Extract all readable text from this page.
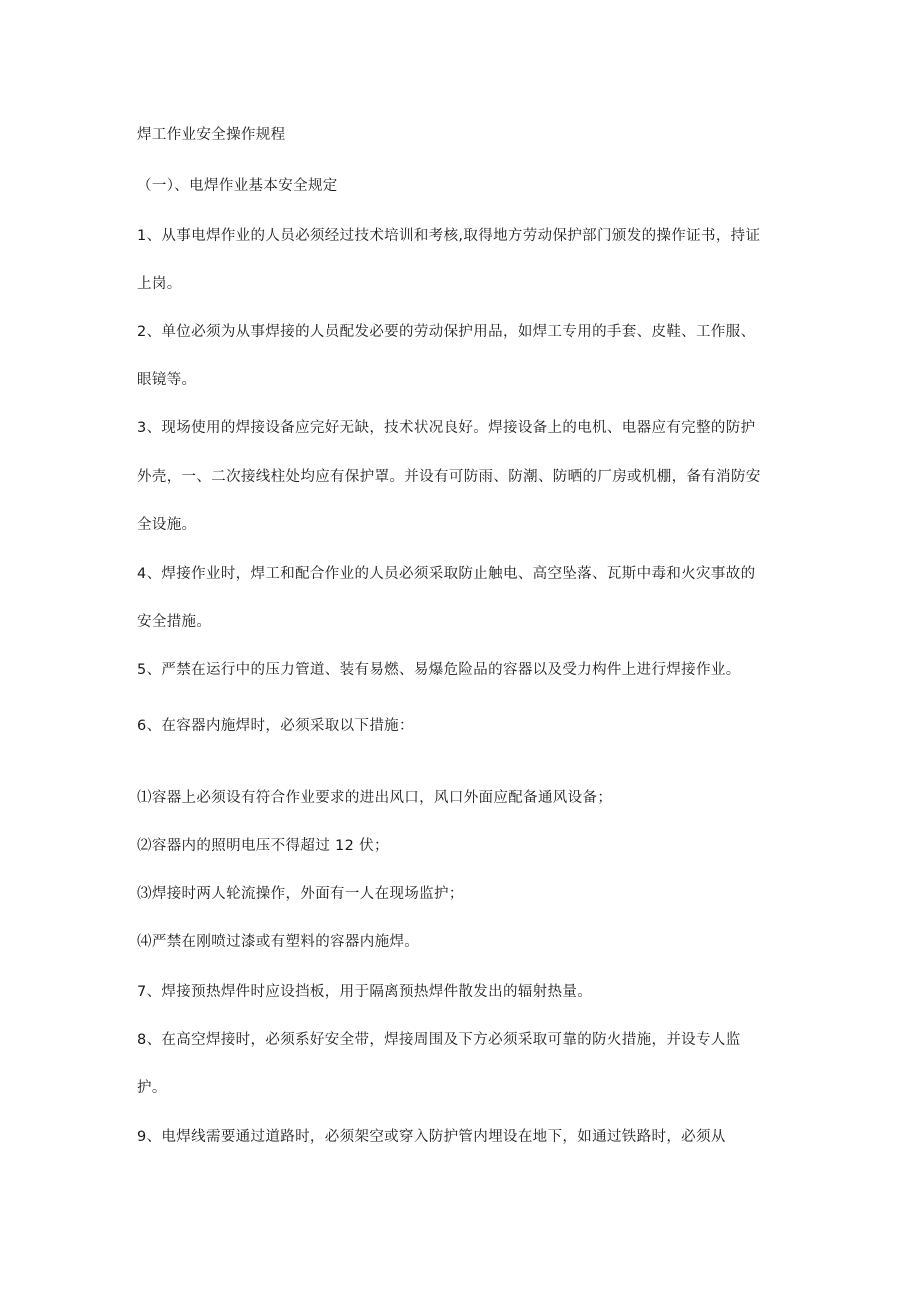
焊工作业安全操作规程
（一）、电焊作业基本安全规定
1、从事电焊作业的人员必须经过技术培训和考核,取得地方劳动保护部门颁发的操作证书，持证
上岗。
2、单位必须为从事焊接的人员配发必要的劳动保护用品，如焊工专用的手套、皮鞋、工作服、
眼镜等。
3、现场使用的焊接设备应完好无缺，技术状况良好。焊接设备上的电机、电器应有完整的防护
外壳，一、二次接线柱处均应有保护罩。并设有可防雨、防潮、防晒的厂房或机棚，备有消防安
全设施。
4、焊接作业时，焊工和配合作业的人员必须采取防止触电、高空坠落、瓦斯中毒和火灾事故的
安全措施。
5、严禁在运行中的压力管道、装有易燃、易爆危险品的容器以及受力构件上进行焊接作业。
6、在容器内施焊时，必须采取以下措施：
⑴容器上必须设有符合作业要求的进出风口，风口外面应配备通风设备；
⑵容器内的照明电压不得超过 12 伏；
⑶焊接时两人轮流操作，外面有一人在现场监护；
⑷严禁在刚喷过漆或有塑料的容器内施焊。
7、焊接预热焊件时应设挡板，用于隔离预热焊件散发出的辐射热量。
8、在高空焊接时，必须系好安全带，焊接周围及下方必须采取可靠的防火措施，并设专人监
护。
9、电焊线需要通过道路时，必须架空或穿入防护管内埋设在地下，如通过铁路时，必须从
